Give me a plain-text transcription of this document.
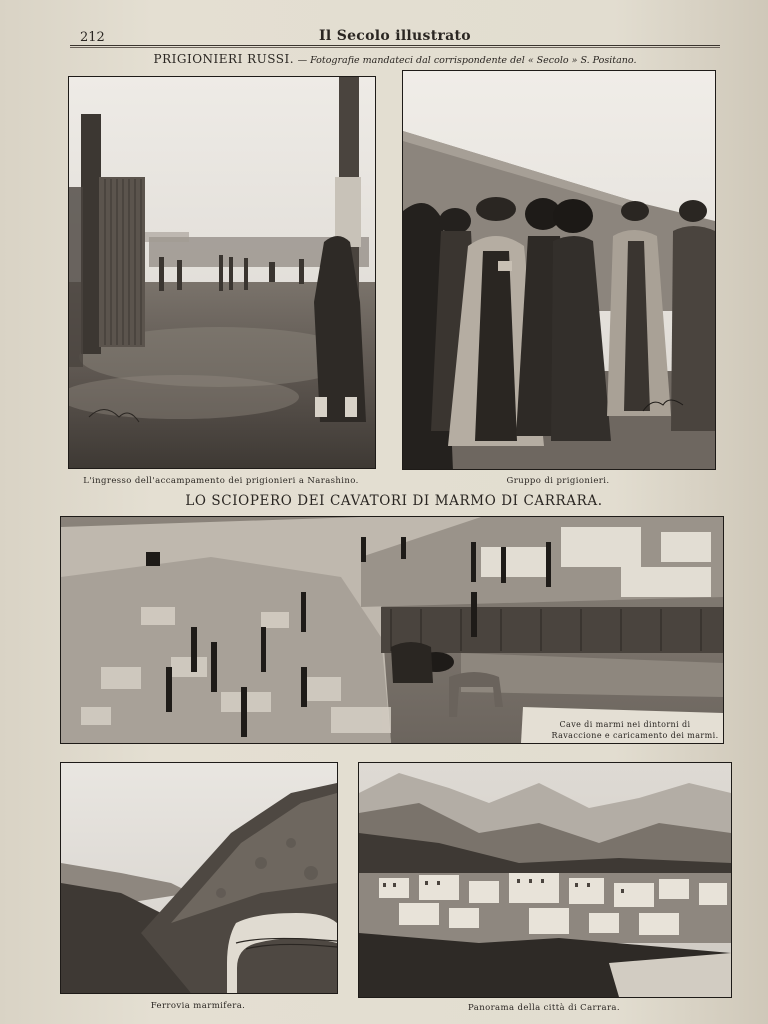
212	Il Secolo illustrato
PRIGIONIERI RUSSI. — Fotografie mandateci dal corrispondente del « Secolo » S. Positano.
L'ingresso dell'accampamento dei prigionieri a Narashino.	Gruppo di prigionieri.
LO SCIOPERO DEI CAVATORI DI MARMO DI CARRARA.
Cave di marmi nei dintorni di
Ravaccione e caricamento dei marmi.
Ferrovia marmifera.	Panorama della città di Carrara.
